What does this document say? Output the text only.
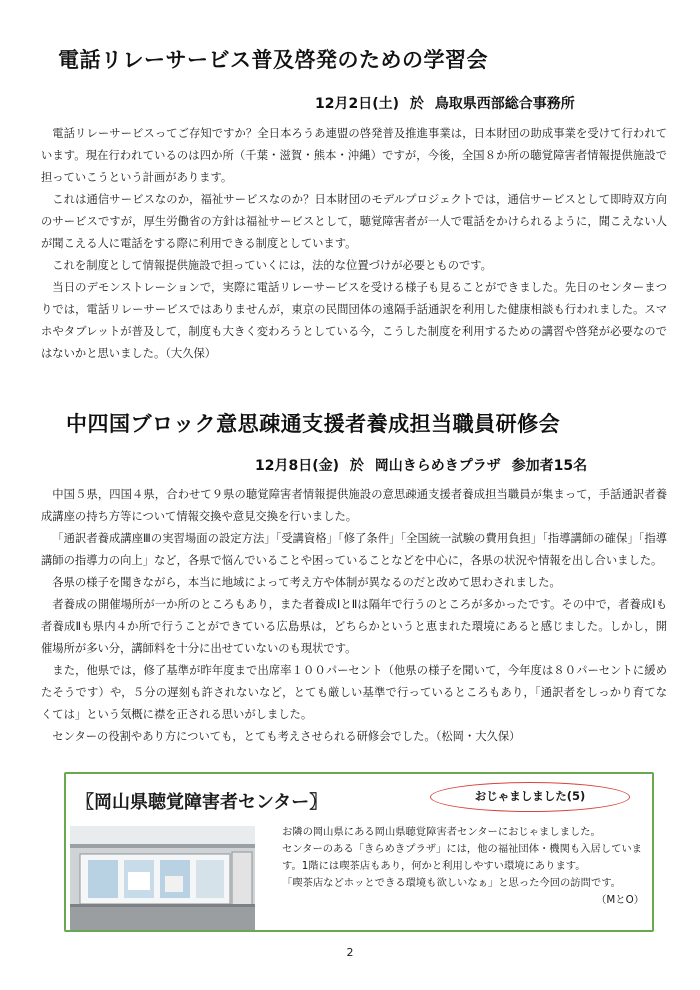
電話リレーサービス普及啓発のための学習会
12月2日(土) 於 鳥取県西部総合事務所

電話リレーサービスってご存知ですか？全日本ろうあ連盟の啓発普及推進事業は，日本財団の助成事業を受けて行われています。現在行われているのは四か所（千葉・滋賀・熊本・沖縄）ですが，今後，全国８か所の聴覚障害者情報提供施設で担っていこうという計画があります。

これは通信サービスなのか，福祉サービスなのか？日本財団のモデルプロジェクトでは，通信サービスとして即時双方向のサービスですが，厚生労働省の方針は福祉サービスとして，聴覚障害者が一人で電話をかけられるように，聞こえない人が聞こえる人に電話をする際に利用できる制度としています。

これを制度として情報提供施設で担っていくには，法的な位置づけが必要とものです。

当日のデモンストレーションで，実際に電話リレーサービスを受ける様子も見ることができました。先日のセンターまつりでは，電話リレーサービスではありませんが，東京の民間団体の遠隔手話通訳を利用した健康相談も行われました。スマホやタブレットが普及して，制度も大きく変わろうとしている今，こうした制度を利用するための講習や啓発が必要なのではないかと思いました。（大久保）

中四国ブロック意思疎通支援者養成担当職員研修会
12月8日(金) 於 岡山きらめきプラザ 参加者15名

中国５県，四国４県，合わせて９県の聴覚障害者情報提供施設の意思疎通支援者養成担当職員が集まって，手話通訳者養成講座の持ち方等について情報交換や意見交換を行いました。

「通訳者養成講座Ⅲの実習場面の設定方法」「受講資格」「修了条件」「全国統一試験の費用負担」「指導講師の確保」「指導講師の指導力の向上」など，各県で悩んでいることや困っていることなどを中心に，各県の状況や情報を出し合いました。

各県の様子を聞きながら，本当に地域によって考え方や体制が異なるのだと改めて思わされました。

者養成の開催場所が一か所のところもあり，また者養成ⅠとⅡは隔年で行うのところが多かったです。その中で，者養成Ⅰも者養成Ⅱも県内４か所で行うことができている広島県は，どちらかというと恵まれた環境にあると感じました。しかし，開催場所が多い分，講師料を十分に出せていないのも現状です。

また，他県では，修了基準が昨年度まで出席率１００パーセント（他県の様子を聞いて，今年度は８０パーセントに緩めたそうです）や，５分の遅刻も許されないなど，とても厳しい基準で行っているところもあり，「通訳者をしっかり育てなくては」という気概に襟を正される思いがしました。

センターの役割やあり方についても，とても考えさせられる研修会でした。（松岡・大久保）

〖岡山県聴覚障害者センター〗	おじゃましました(5)

お隣の岡山県にある岡山県聴覚障害者センターにおじゃましました。

センターのある「きらめきプラザ」には，他の福祉団体・機関も入居しています。1階には喫茶店もあり，何かと利用しやすい環境にあります。

「喫茶店などホッとできる環境も欲しいなぁ」と思った今回の訪問です。

（MとO）

2
